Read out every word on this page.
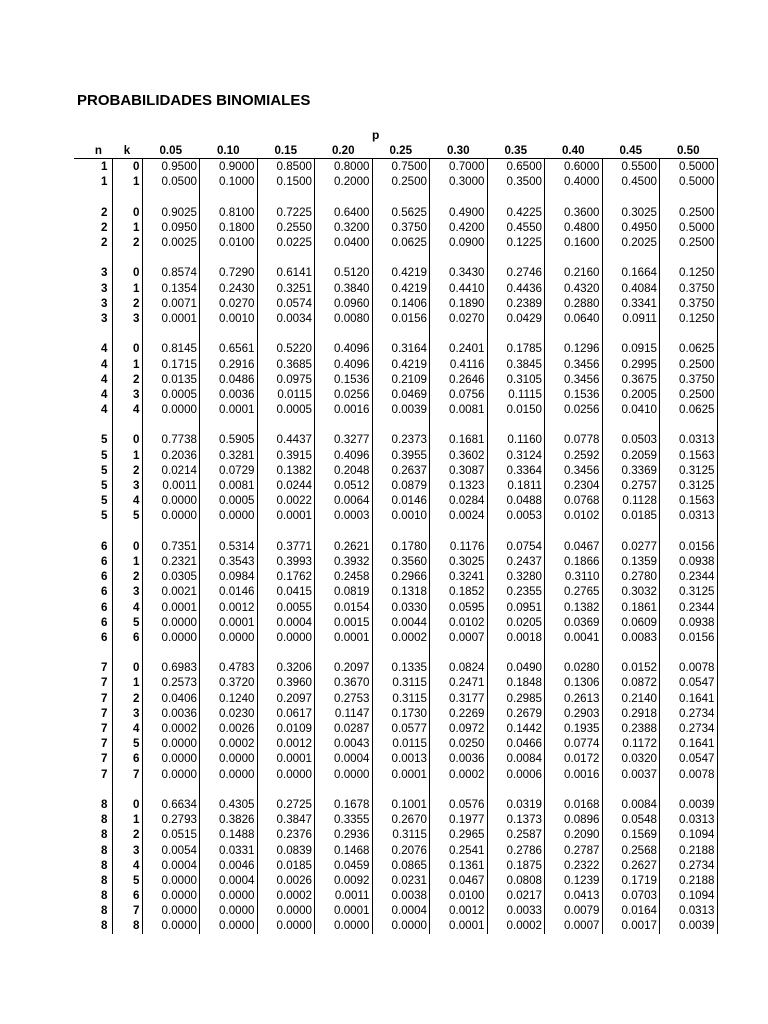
PROBABILIDADES BINOMIALES
p
n	k	0.05	0.10	0.15	0.20	0.25	0.30	0.35	0.40	0.45	0.50
1	0	0.9500	0.9000	0.8500	0.8000	0.7500	0.7000	0.6500	0.6000	0.5500	0.5000
1	1	0.0500	0.1000	0.1500	0.2000	0.2500	0.3000	0.3500	0.4000	0.4500	0.5000

2	0	0.9025	0.8100	0.7225	0.6400	0.5625	0.4900	0.4225	0.3600	0.3025	0.2500
2	1	0.0950	0.1800	0.2550	0.3200	0.3750	0.4200	0.4550	0.4800	0.4950	0.5000
2	2	0.0025	0.0100	0.0225	0.0400	0.0625	0.0900	0.1225	0.1600	0.2025	0.2500

3	0	0.8574	0.7290	0.6141	0.5120	0.4219	0.3430	0.2746	0.2160	0.1664	0.1250
3	1	0.1354	0.2430	0.3251	0.3840	0.4219	0.4410	0.4436	0.4320	0.4084	0.3750
3	2	0.0071	0.0270	0.0574	0.0960	0.1406	0.1890	0.2389	0.2880	0.3341	0.3750
3	3	0.0001	0.0010	0.0034	0.0080	0.0156	0.0270	0.0429	0.0640	0.0911	0.1250

4	0	0.8145	0.6561	0.5220	0.4096	0.3164	0.2401	0.1785	0.1296	0.0915	0.0625
4	1	0.1715	0.2916	0.3685	0.4096	0.4219	0.4116	0.3845	0.3456	0.2995	0.2500
4	2	0.0135	0.0486	0.0975	0.1536	0.2109	0.2646	0.3105	0.3456	0.3675	0.3750
4	3	0.0005	0.0036	0.0115	0.0256	0.0469	0.0756	0.1115	0.1536	0.2005	0.2500
4	4	0.0000	0.0001	0.0005	0.0016	0.0039	0.0081	0.0150	0.0256	0.0410	0.0625

5	0	0.7738	0.5905	0.4437	0.3277	0.2373	0.1681	0.1160	0.0778	0.0503	0.0313
5	1	0.2036	0.3281	0.3915	0.4096	0.3955	0.3602	0.3124	0.2592	0.2059	0.1563
5	2	0.0214	0.0729	0.1382	0.2048	0.2637	0.3087	0.3364	0.3456	0.3369	0.3125
5	3	0.0011	0.0081	0.0244	0.0512	0.0879	0.1323	0.1811	0.2304	0.2757	0.3125
5	4	0.0000	0.0005	0.0022	0.0064	0.0146	0.0284	0.0488	0.0768	0.1128	0.1563
5	5	0.0000	0.0000	0.0001	0.0003	0.0010	0.0024	0.0053	0.0102	0.0185	0.0313

6	0	0.7351	0.5314	0.3771	0.2621	0.1780	0.1176	0.0754	0.0467	0.0277	0.0156
6	1	0.2321	0.3543	0.3993	0.3932	0.3560	0.3025	0.2437	0.1866	0.1359	0.0938
6	2	0.0305	0.0984	0.1762	0.2458	0.2966	0.3241	0.3280	0.3110	0.2780	0.2344
6	3	0.0021	0.0146	0.0415	0.0819	0.1318	0.1852	0.2355	0.2765	0.3032	0.3125
6	4	0.0001	0.0012	0.0055	0.0154	0.0330	0.0595	0.0951	0.1382	0.1861	0.2344
6	5	0.0000	0.0001	0.0004	0.0015	0.0044	0.0102	0.0205	0.0369	0.0609	0.0938
6	6	0.0000	0.0000	0.0000	0.0001	0.0002	0.0007	0.0018	0.0041	0.0083	0.0156

7	0	0.6983	0.4783	0.3206	0.2097	0.1335	0.0824	0.0490	0.0280	0.0152	0.0078
7	1	0.2573	0.3720	0.3960	0.3670	0.3115	0.2471	0.1848	0.1306	0.0872	0.0547
7	2	0.0406	0.1240	0.2097	0.2753	0.3115	0.3177	0.2985	0.2613	0.2140	0.1641
7	3	0.0036	0.0230	0.0617	0.1147	0.1730	0.2269	0.2679	0.2903	0.2918	0.2734
7	4	0.0002	0.0026	0.0109	0.0287	0.0577	0.0972	0.1442	0.1935	0.2388	0.2734
7	5	0.0000	0.0002	0.0012	0.0043	0.0115	0.0250	0.0466	0.0774	0.1172	0.1641
7	6	0.0000	0.0000	0.0001	0.0004	0.0013	0.0036	0.0084	0.0172	0.0320	0.0547
7	7	0.0000	0.0000	0.0000	0.0000	0.0001	0.0002	0.0006	0.0016	0.0037	0.0078

8	0	0.6634	0.4305	0.2725	0.1678	0.1001	0.0576	0.0319	0.0168	0.0084	0.0039
8	1	0.2793	0.3826	0.3847	0.3355	0.2670	0.1977	0.1373	0.0896	0.0548	0.0313
8	2	0.0515	0.1488	0.2376	0.2936	0.3115	0.2965	0.2587	0.2090	0.1569	0.1094
8	3	0.0054	0.0331	0.0839	0.1468	0.2076	0.2541	0.2786	0.2787	0.2568	0.2188
8	4	0.0004	0.0046	0.0185	0.0459	0.0865	0.1361	0.1875	0.2322	0.2627	0.2734
8	5	0.0000	0.0004	0.0026	0.0092	0.0231	0.0467	0.0808	0.1239	0.1719	0.2188
8	6	0.0000	0.0000	0.0002	0.0011	0.0038	0.0100	0.0217	0.0413	0.0703	0.1094
8	7	0.0000	0.0000	0.0000	0.0001	0.0004	0.0012	0.0033	0.0079	0.0164	0.0313
8	8	0.0000	0.0000	0.0000	0.0000	0.0000	0.0001	0.0002	0.0007	0.0017	0.0039
